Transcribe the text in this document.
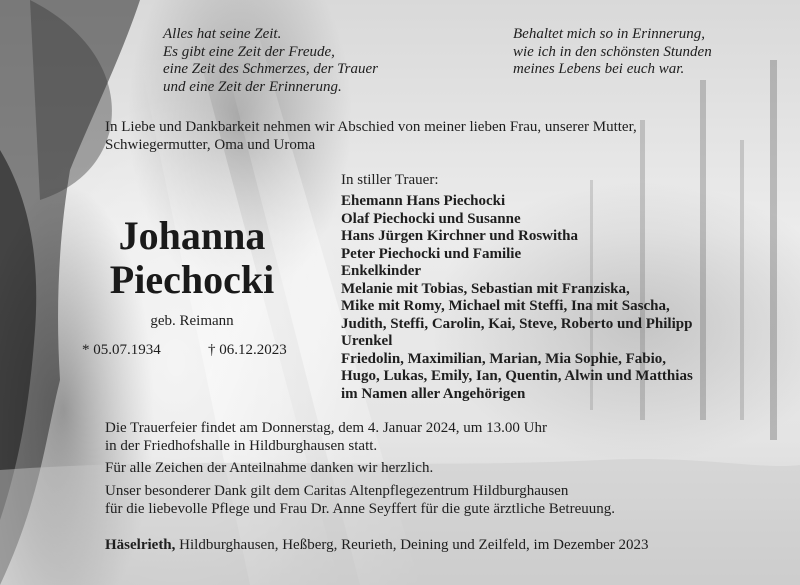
Alles hat seine Zeit.
Es gibt eine Zeit der Freude,
eine Zeit des Schmerzes, der Trauer
und eine Zeit der Erinnerung.
Behaltet mich so in Erinnerung,
wie ich in den schönsten Stunden
meines Lebens bei euch war.
In Liebe und Dankbarkeit nehmen wir Abschied von meiner lieben Frau, unserer Mutter,
Schwiegermutter, Oma und Uroma
Johanna
Piechocki
geb. Reimann
* 05.07.1934	† 06.12.2023
In stiller Trauer:
Ehemann Hans Piechocki
Olaf Piechocki und Susanne
Hans Jürgen Kirchner und Roswitha
Peter Piechocki und Familie
Enkelkinder
Melanie mit Tobias, Sebastian mit Franziska,
Mike mit Romy, Michael mit Steffi, Ina mit Sascha,
Judith, Steffi, Carolin, Kai, Steve, Roberto und Philipp
Urenkel
Friedolin, Maximilian, Marian, Mia Sophie, Fabio,
Hugo, Lukas, Emily, Ian, Quentin, Alwin und Matthias
im Namen aller Angehörigen
Die Trauerfeier findet am Donnerstag, dem 4. Januar 2024, um 13.00 Uhr
in der Friedhofshalle in Hildburghausen statt.
Für alle Zeichen der Anteilnahme danken wir herzlich.
Unser besonderer Dank gilt dem Caritas Altenpflegezentrum Hildburghausen
für die liebevolle Pflege und Frau Dr. Anne Seyffert für die gute ärztliche Betreuung.
Häselrieth, Hildburghausen, Heßberg, Reurieth, Deining und Zeilfeld, im Dezember 2023
